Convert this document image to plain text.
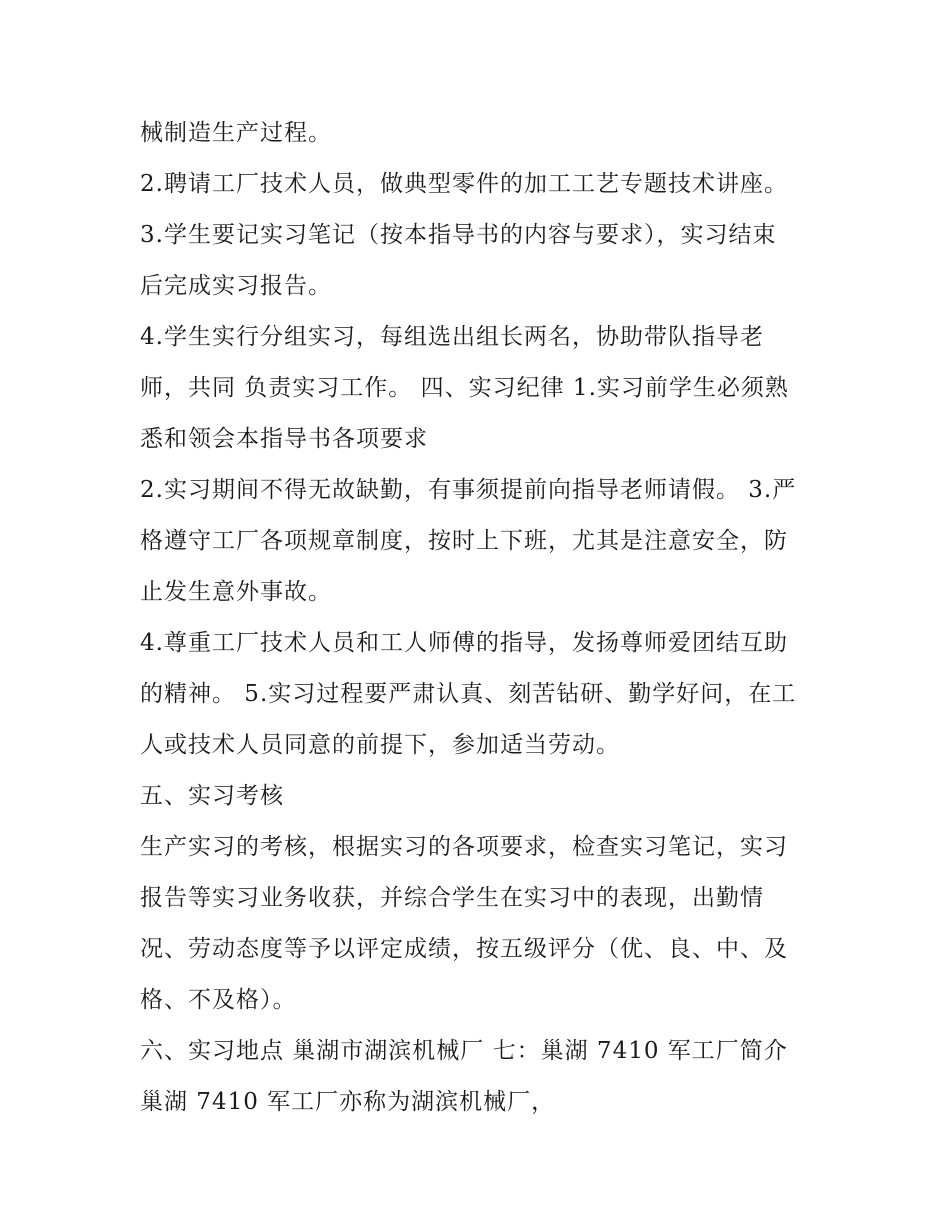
械制造生产过程。
2.聘请工厂技术人员，做典型零件的加工工艺专题技术讲座。
3.学生要记实习笔记（按本指导书的内容与要求），实习结束
后完成实习报告。
4.学生实行分组实习，每组选出组长两名，协助带队指导老
师，共同 负责实习工作。 四、实习纪律 1.实习前学生必须熟
悉和领会本指导书各项要求
2.实习期间不得无故缺勤，有事须提前向指导老师请假。 3.严
格遵守工厂各项规章制度，按时上下班，尤其是注意安全，防
止发生意外事故。
4.尊重工厂技术人员和工人师傅的指导，发扬尊师爱团结互助
的精神。 5.实习过程要严肃认真、刻苦钻研、勤学好问，在工
人或技术人员同意的前提下，参加适当劳动。
五、实习考核
生产实习的考核，根据实习的各项要求，检查实习笔记，实习
报告等实习业务收获，并综合学生在实习中的表现，出勤情
况、劳动态度等予以评定成绩，按五级评分（优、良、中、及
格、不及格）。
六、实习地点 巢湖市湖滨机械厂 七：巢湖 7410 军工厂简介
巢湖 7410 军工厂亦称为湖滨机械厂，
